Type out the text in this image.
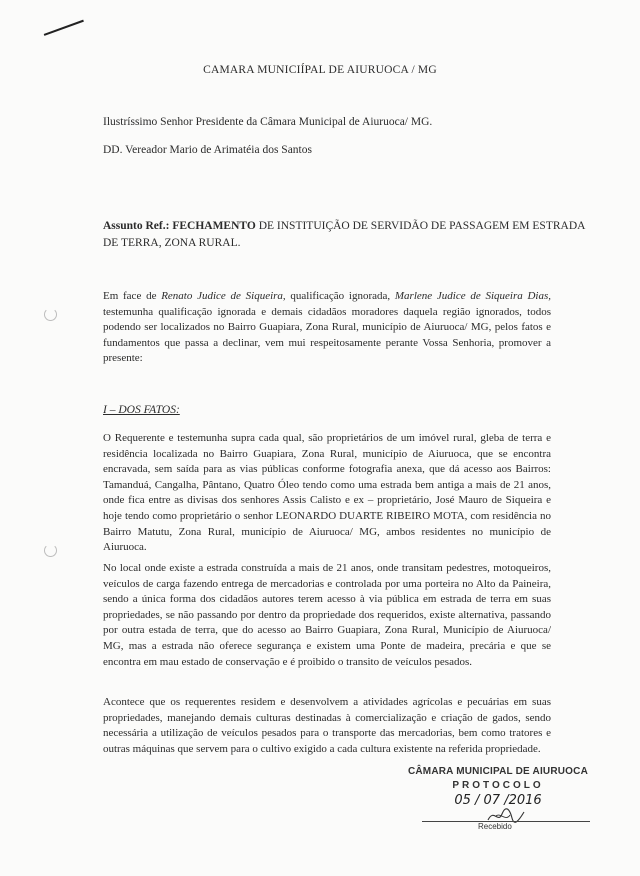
CAMARA MUNICIÍPAL DE AIURUOCA / MG
Ilustríssimo Senhor Presidente da Câmara Municipal de Aiuruoca/ MG.
DD. Vereador Mario de Arimatéia dos Santos
Assunto Ref.: FECHAMENTO DE INSTITUIÇÃO DE SERVIDÃO DE PASSAGEM EM ESTRADA
DE TERRA, ZONA RURAL.
Em face de Renato Judice de Siqueira, qualificação ignorada, Marlene Judice de Siqueira Dias, testemunha qualificação ignorada e demais cidadãos moradores daquela região ignorados, todos podendo ser localizados no Bairro Guapiara, Zona Rural, município de Aiuruoca/ MG, pelos fatos e fundamentos que passa a declinar, vem mui respeitosamente perante Vossa Senhoria, promover a presente:
I – DOS FATOS:
O Requerente e testemunha supra cada qual, são proprietários de um imóvel rural, gleba de terra e residência localizada no Bairro Guapiara, Zona Rural, município de Aiuruoca, que se encontra encravada, sem saída para as vias públicas conforme fotografia anexa, que dá acesso aos Bairros: Tamanduá, Cangalha, Pântano, Quatro Óleo tendo como uma estrada bem antiga a mais de 21 anos, onde fica entre as divisas dos senhores Assis Calisto e ex – proprietário, José Mauro de Siqueira e hoje tendo como proprietário o senhor LEONARDO DUARTE RIBEIRO MOTA, com residência no Bairro Matutu, Zona Rural, município de Aiuruoca/ MG, ambos residentes no município de Aiuruoca.
No local onde existe a estrada construída a mais de 21 anos, onde transitam pedestres, motoqueiros, veículos de carga fazendo entrega de mercadorias e controlada por uma porteira no Alto da Paineira, sendo a única forma dos cidadãos autores terem acesso à via pública em estrada de terra em suas propriedades, se não passando por dentro da propriedade dos requeridos, existe alternativa, passando por outra estada de terra, que do acesso ao Bairro Guapiara, Zona Rural, Município de Aiuruoca/ MG, mas a estrada não oferece segurança e existem uma Ponte de madeira, precária e que se encontra em mau estado de conservação e é proibido o transito de veículos pesados.
Acontece que os requerentes residem e desenvolvem a atividades agrícolas e pecuárias em suas propriedades, manejando demais culturas destinadas à comercialização e criação de gados, sendo necessária a utilização de veículos pesados para o transporte das mercadorias, bem como tratores e outras máquinas que servem para o cultivo exigido a cada cultura existente na referida propriedade.
CÂMARA MUNICIPAL DE AIURUOCA
PROTOCOLO
05 / 07 /2016
Recebido
